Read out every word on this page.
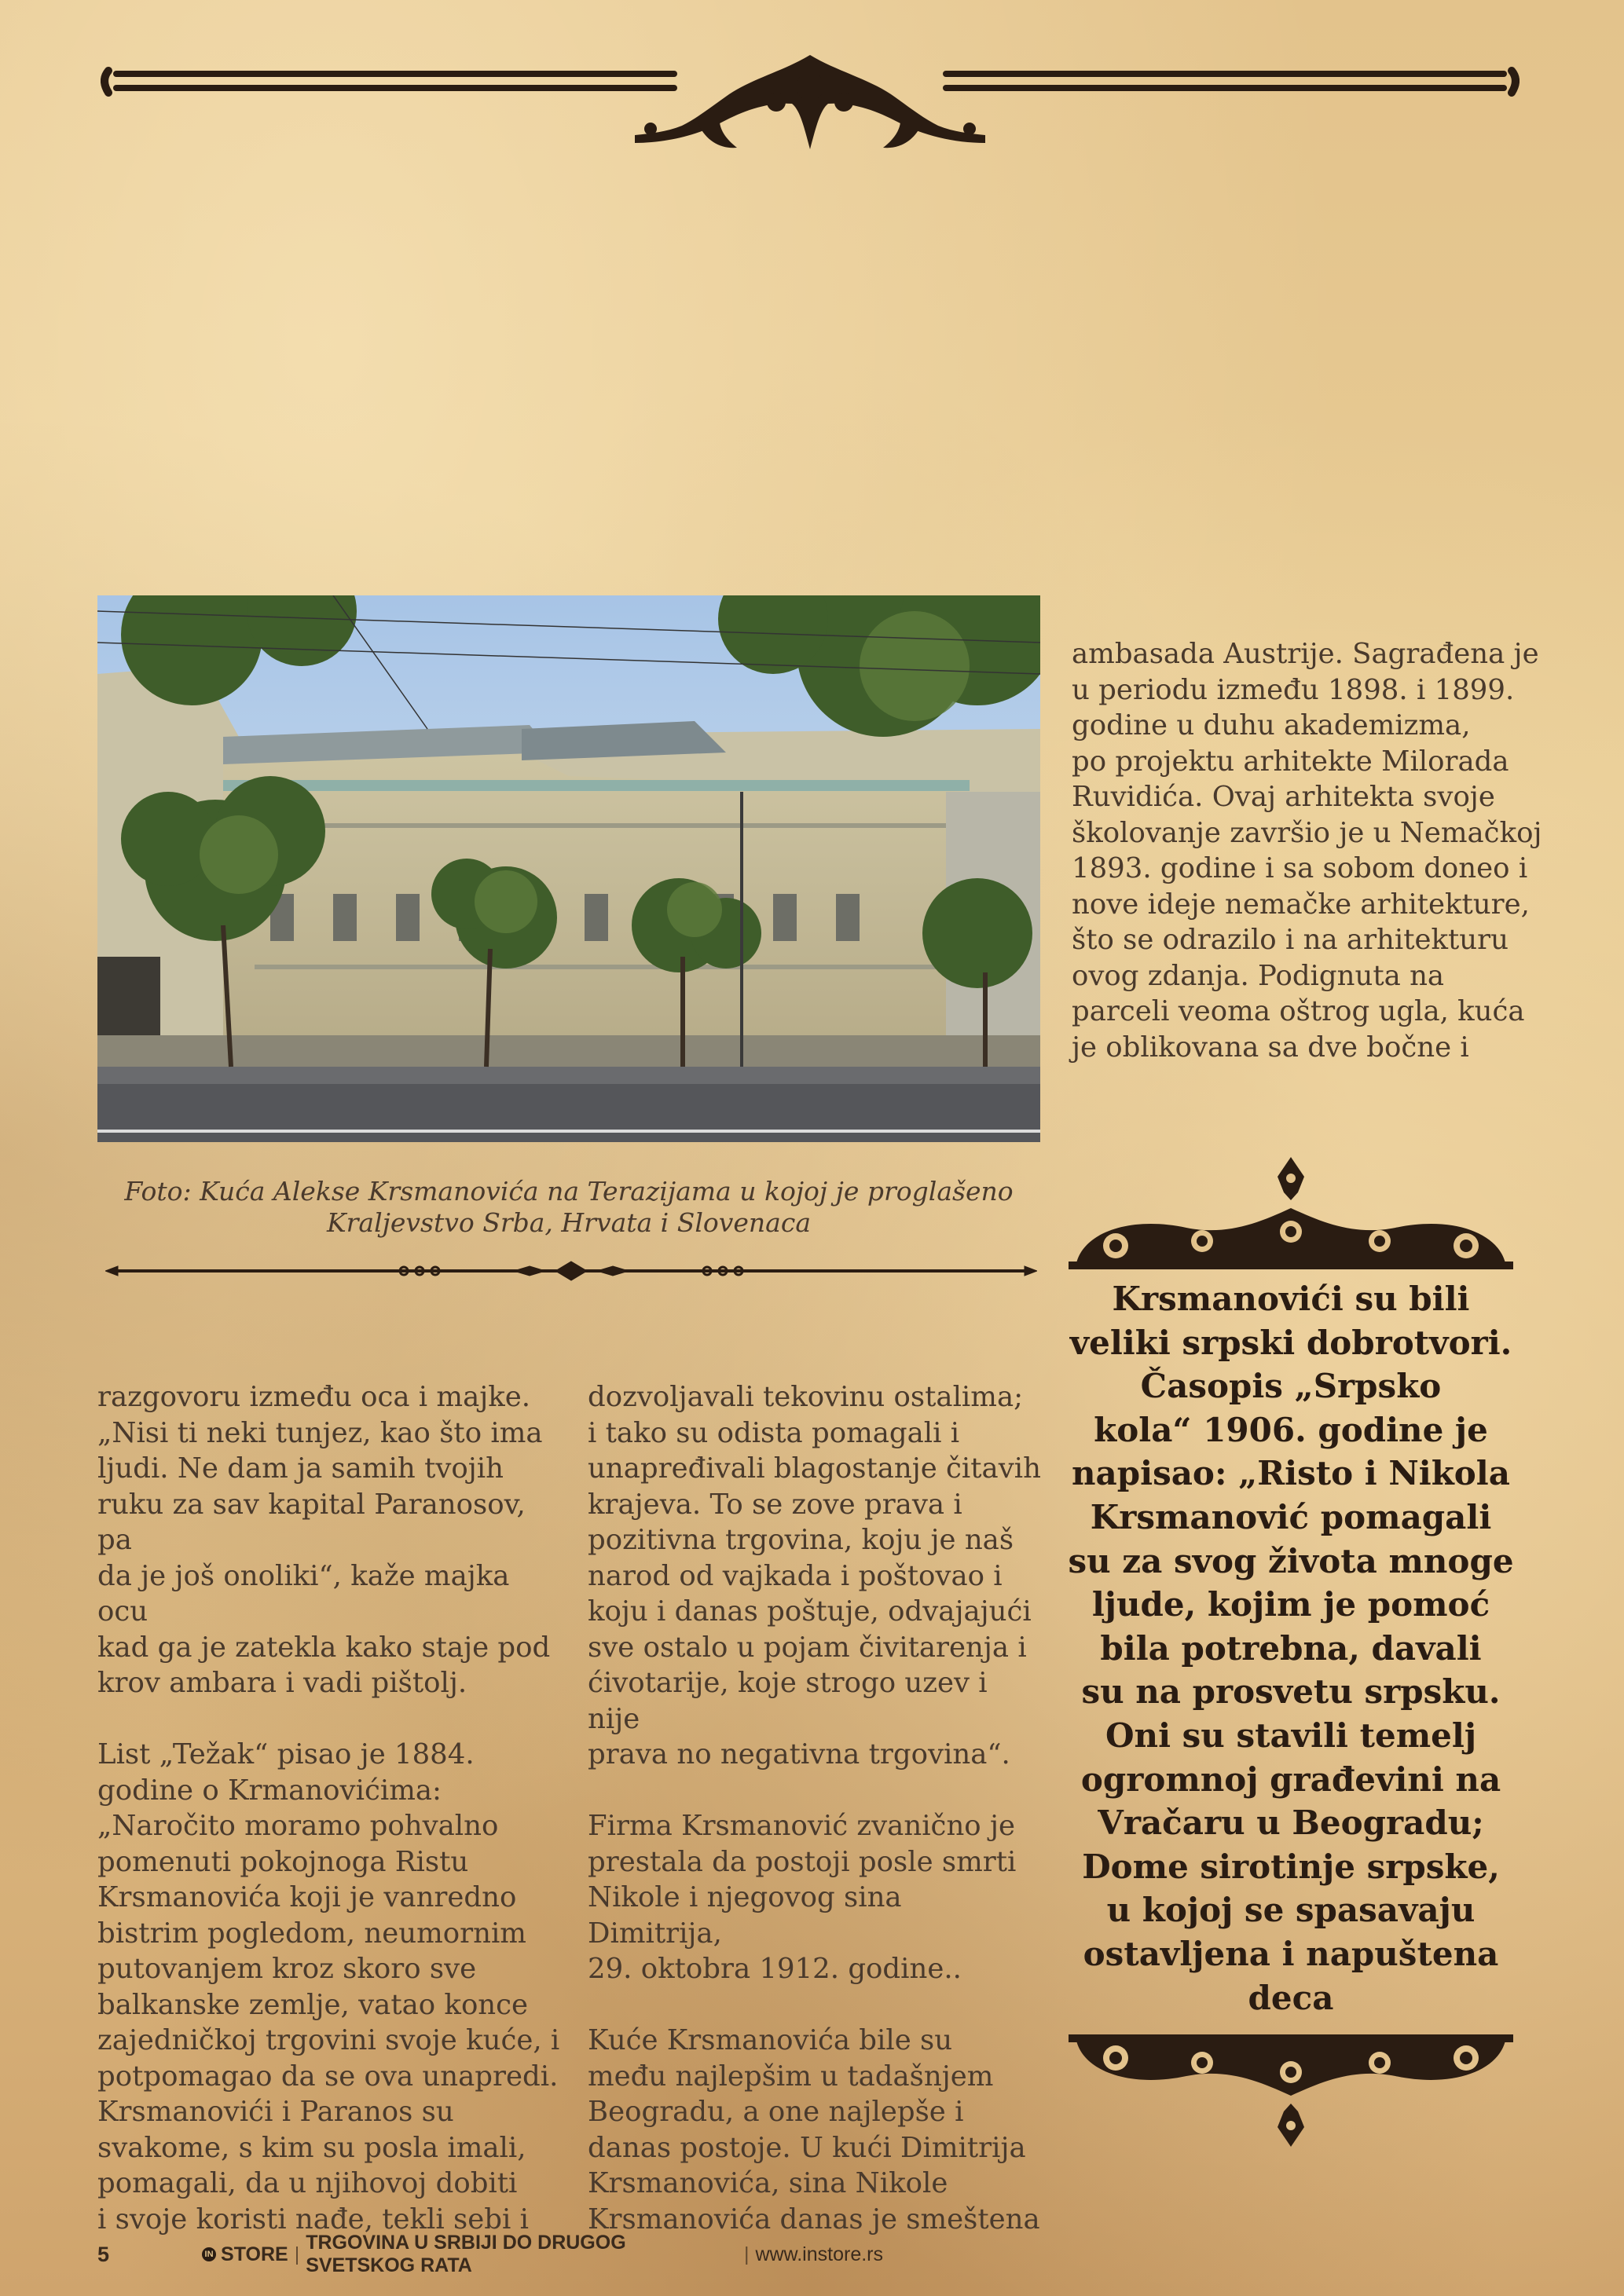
Foto: Kuća Alekse Krsmanovića na Terazijama u kojoj je proglašeno
Kraljevstvo Srba, Hrvata i Slovenaca
ambasada Austrije. Sagrađena je
u periodu između 1898. i 1899.
godine u duhu akademizma,
po projektu arhitekte Milorada
Ruvidića. Ovaj arhitekta svoje
školovanje završio je u Nemačkoj
1893. godine i sa sobom doneo i
nove ideje nemačke arhitekture,
što se odrazilo i na arhitekturu
ovog zdanja. Podignuta na
parceli veoma oštrog ugla, kuća
je oblikovana sa dve bočne i
razgovoru između oca i majke.
„Nisi ti neki tunjez, kao što ima
ljudi. Ne dam ja samih tvojih
ruku za sav kapital Paranosov, pa
da je još onoliki“, kaže majka ocu
kad ga je zatekla kako staje pod
krov ambara i vadi pištolj.

List „Težak“ pisao je 1884.
godine o Krmanovićima:
„Naročito moramo pohvalno
pomenuti pokojnoga Ristu
Krsmanovića koji je vanredno
bistrim pogledom, neumornim
putovanjem kroz skoro sve
balkanske zemlje, vatao konce
zajedničkoj trgovini svoje kuće, i
potpomagao da se ova unapredi.
Krsmanovići i Paranos su
svakome, s kim su posla imali,
pomagali, da u njihovoj dobiti
i svoje koristi nađe, tekli sebi i
dozvoljavali tekovinu ostalima;
i tako su odista pomagali i
unapređivali blagostanje čitavih
krajeva. To se zove prava i
pozitivna trgovina, koju je naš
narod od vajkada i poštovao i
koju i danas poštuje, odvajajući
sve ostalo u pojam čivitarenja i
ćivotarije, koje strogo uzev i nije
prava no negativna trgovina“.

Firma Krsmanović zvanično je
prestala da postoji posle smrti
Nikole i njegovog sina Dimitrija,
29. oktobra 1912. godine..

Kuće Krsmanovića bile su
među najlepšim u tadašnjem
Beogradu, a one najlepše i
danas postoje. U kući Dimitrija
Krsmanovića, sina Nikole
Krsmanovića danas je smeštena
Krsmanovići su bili
veliki srpski dobrotvori.
Časopis „Srpsko
kola“ 1906. godine je
napisao: „Risto i Nikola
Krsmanović pomagali
su za svog života mnoge
ljude, kojim je pomoć
bila potrebna, davali
su na prosvetu srpsku.
Oni su stavili temelj
ogromnoj građevini na
Vračaru u Beogradu;
Dome sirotinje srpske,
u kojoj se spasavaju
ostavljena i napuštena
deca
5	IN STORE |
TRGOVINA U SRBIJI DO DRUGOG SVETSKOG RATA
| www.instore.rs
